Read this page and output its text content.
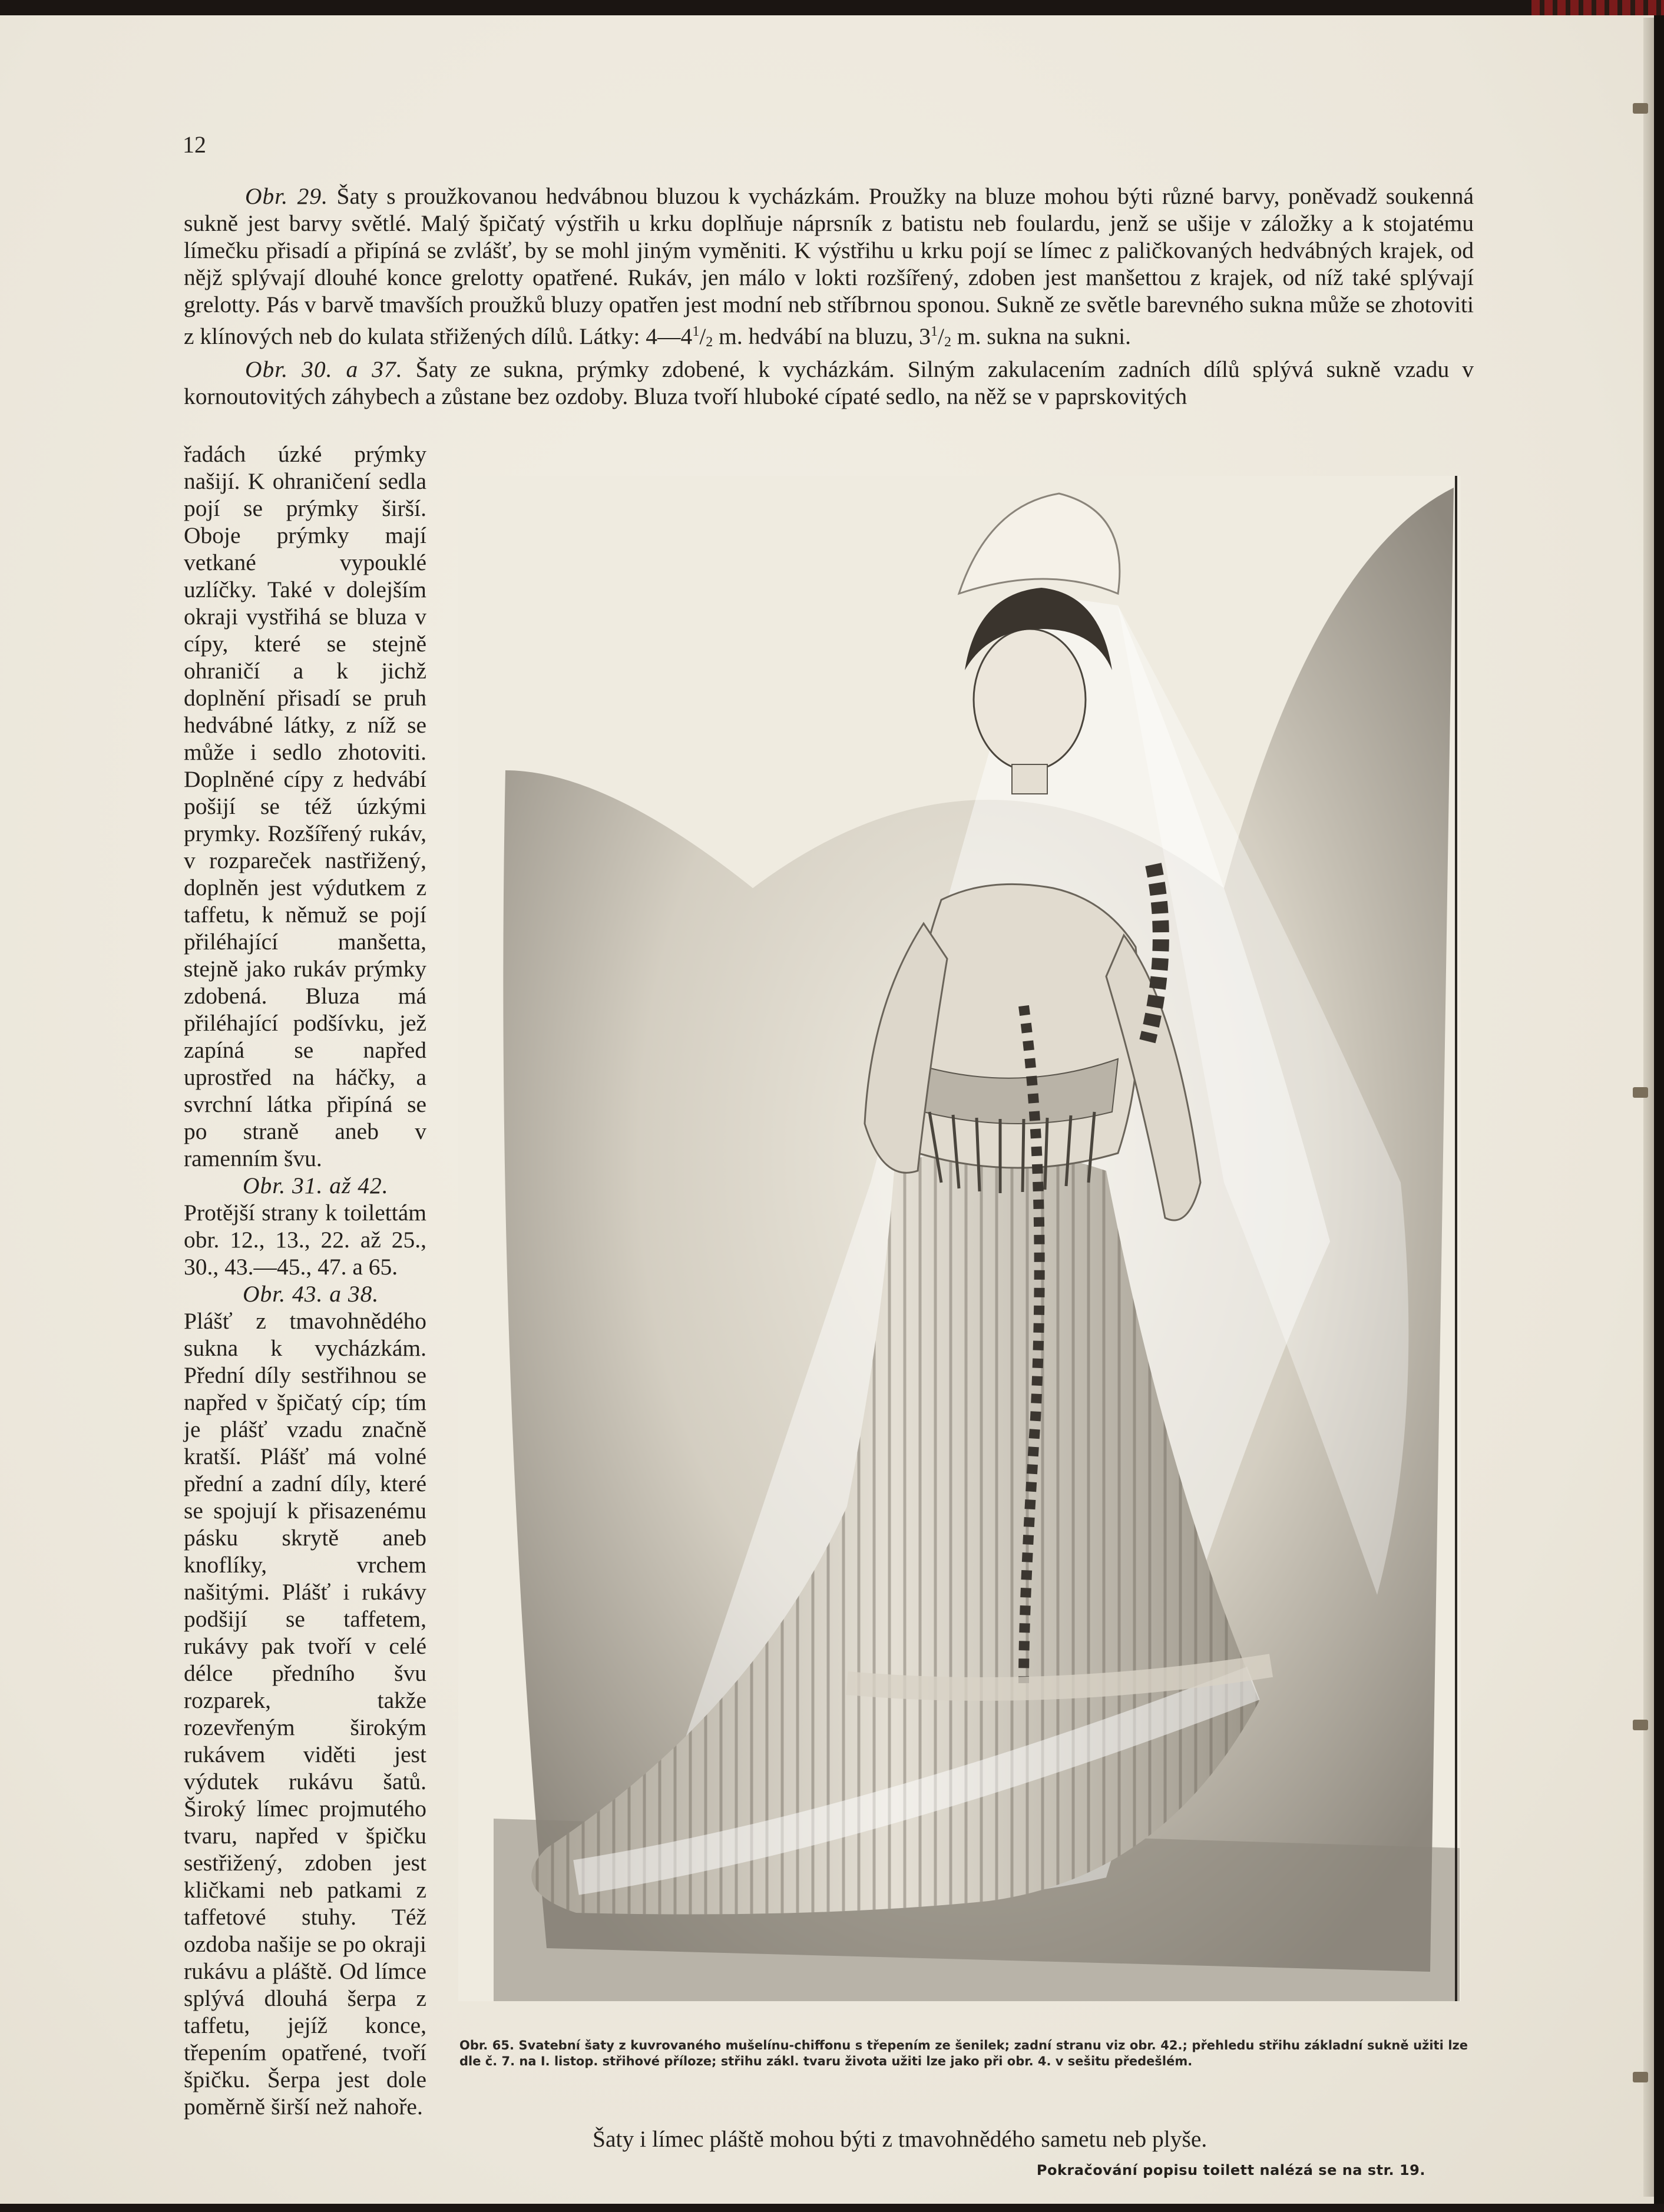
12

Obr. 29. Šaty s proužkovanou hedvábnou bluzou k vycházkám. Proužky na bluze mohou býti různé barvy, poněvadž soukenná sukně jest barvy světlé. Malý špičatý výstřih u krku doplňuje náprsník z batistu neb foulardu, jenž se ušije v záložky a k stojatému límečku přisadí a připíná se zvlášť, by se mohl jiným vyměniti. K výstřihu u krku pojí se límec z paličkovaných hedvábných krajek, od nějž splývají dlouhé konce grelotty opatřené. Rukáv, jen málo v lokti rozšířený, zdoben jest manšettou z krajek, od níž také splývají grelotty. Pás v barvě tmavších proužků bluzy opatřen jest modní neb stříbrnou sponou. Sukně ze světle barevného sukna může se zhotoviti z klínových neb do kulata střižených dílů. Látky: $4—4^1/_2$ m. hedvábí na bluzu, $3^1/_2$ m. sukna na sukni.

Obr. 30. a 37. Šaty ze sukna, prýmky zdobené, k vycházkám. Silným zakulacením zadních dílů splývá sukně vzadu v kornoutovitých záhybech a zůstane bez ozdoby. Bluza tvoří hluboké cípaté sedlo, na něž se v paprskovitých

řadách úzké prýmky našijí. K ohraničení sedla pojí se prýmky širší. Oboje prýmky mají vetkané vypouklé uzlíčky. Také v dolejším okraji vystřihá se bluza v cípy, které se stejně ohraničí a k jichž doplnění přisadí se pruh hedvábné látky, z níž se může i sedlo zhotoviti. Doplněné cípy z hedvábí pošijí se též úzkými prymky. Rozšířený rukáv, v rozpareček nastřižený, doplněn jest výdutkem z taffetu, k němuž se pojí přiléhající manšetta, stejně jako rukáv prýmky zdobená. Bluza má přiléhající podšívku, jež zapíná se napřed uprostřed na háčky, a svrchní látka připíná se po straně aneb v ramenním švu.

Obr. 31. až 42.
Protější strany k toilettám obr. 12., 13., 22. až 25., 30., 43.—45., 47. a 65.

Obr. 43. a 38.
Plášť z tmavohnědého sukna k vycházkám. Přední díly sestřihnou se napřed v špičatý cíp; tím je plášť vzadu značně kratší. Plášť má volné přední a zadní díly, které se spojují k přisazenému pásku skrytě aneb knoflíky, vrchem našitými. Plášť i rukávy podšijí se taffetem, rukávy pak tvoří v celé délce předního švu rozparek, takže rozevřeným širokým rukávem viděti jest výdutek rukávu šatů. Široký límec projmutého tvaru, napřed v špičku sestřižený, zdoben jest kličkami neb patkami z taffetové stuhy. Též ozdoba našije se po okraji rukávu a pláště. Od límce splývá dlouhá šerpa z taffetu, jejíž konce, třepením opatřené, tvoří špičku. Šerpa jest dole poměrně širší než nahoře.

Obr. 65. Svatební šaty z kuvrovaného mušelínu-chiffonu s třepením ze šenilek; zadní stranu viz obr. 42.; přehledu střihu základní sukně užiti lze dle č. 7. na I. listop. střihové příloze; střihu zákl. tvaru života užiti lze jako při obr. 4. v sešitu předešlém.
Šaty i límec pláště mohou býti z tmavohnědého sametu neb plyše.
Pokračování popisu toilett nalézá se na str. 19.
